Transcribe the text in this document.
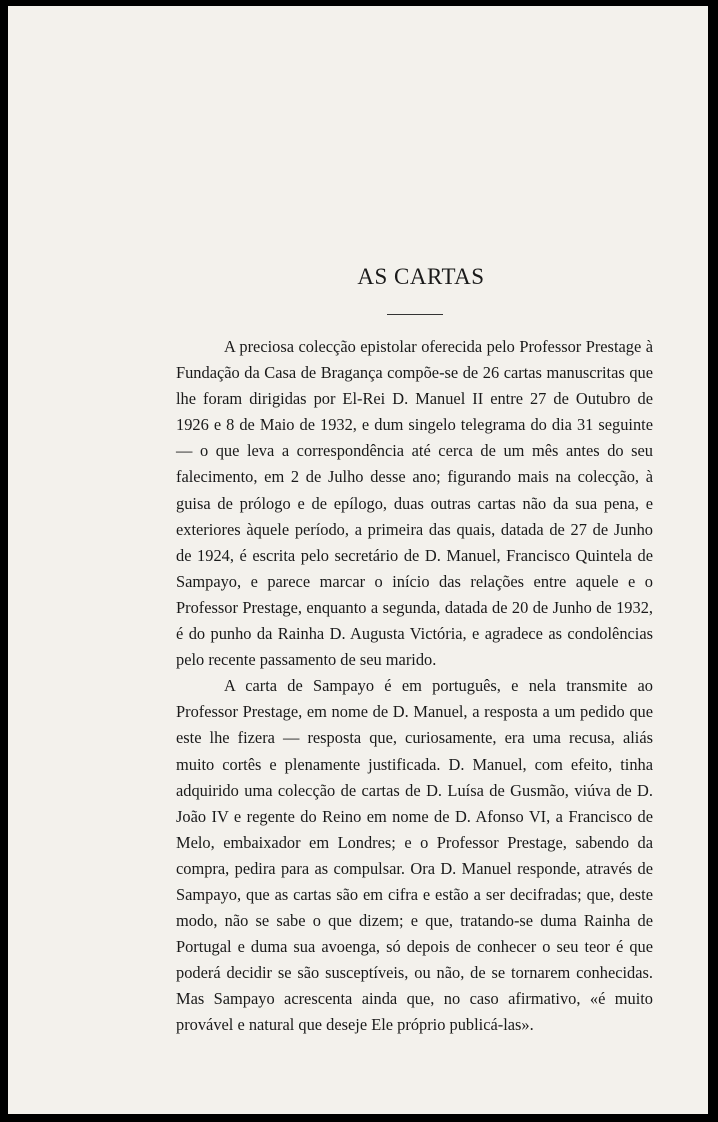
AS CARTAS

A preciosa colecção epistolar oferecida pelo Professor Prestage à Fundação da Casa de Bragança compõe-se de 26 cartas manuscritas que lhe foram dirigidas por El-Rei D. Manuel II entre 27 de Outubro de 1926 e 8 de Maio de 1932, e dum singelo telegrama do dia 31 seguinte — o que leva a correspondência até cerca de um mês antes do seu falecimento, em 2 de Julho desse ano; figurando mais na colecção, à guisa de prólogo e de epílogo, duas outras cartas não da sua pena, e exteriores àquele período, a primeira das quais, datada de 27 de Junho de 1924, é escrita pelo secretário de D. Manuel, Francisco Quintela de Sampayo, e parece marcar o início das relações entre aquele e o Professor Prestage, enquanto a segunda, datada de 20 de Junho de 1932, é do punho da Rainha D. Augusta Victória, e agradece as condolências pelo recente passamento de seu marido.

A carta de Sampayo é em português, e nela transmite ao Professor Prestage, em nome de D. Manuel, a resposta a um pedido que este lhe fizera — resposta que, curiosamente, era uma recusa, aliás muito cortês e plenamente justificada. D. Manuel, com efeito, tinha adquirido uma colecção de cartas de D. Luísa de Gusmão, viúva de D. João IV e regente do Reino em nome de D. Afonso VI, a Francisco de Melo, embaixador em Londres; e o Professor Prestage, sabendo da compra, pedira para as compulsar. Ora D. Manuel responde, através de Sampayo, que as cartas são em cifra e estão a ser decifradas; que, deste modo, não se sabe o que dizem; e que, tratando-se duma Rainha de Portugal e duma sua avoenga, só depois de conhecer o seu teor é que poderá decidir se são susceptíveis, ou não, de se tornarem conhecidas. Mas Sampayo acrescenta ainda que, no caso afirmativo, «é muito provável e natural que deseje Ele próprio publicá-las».
